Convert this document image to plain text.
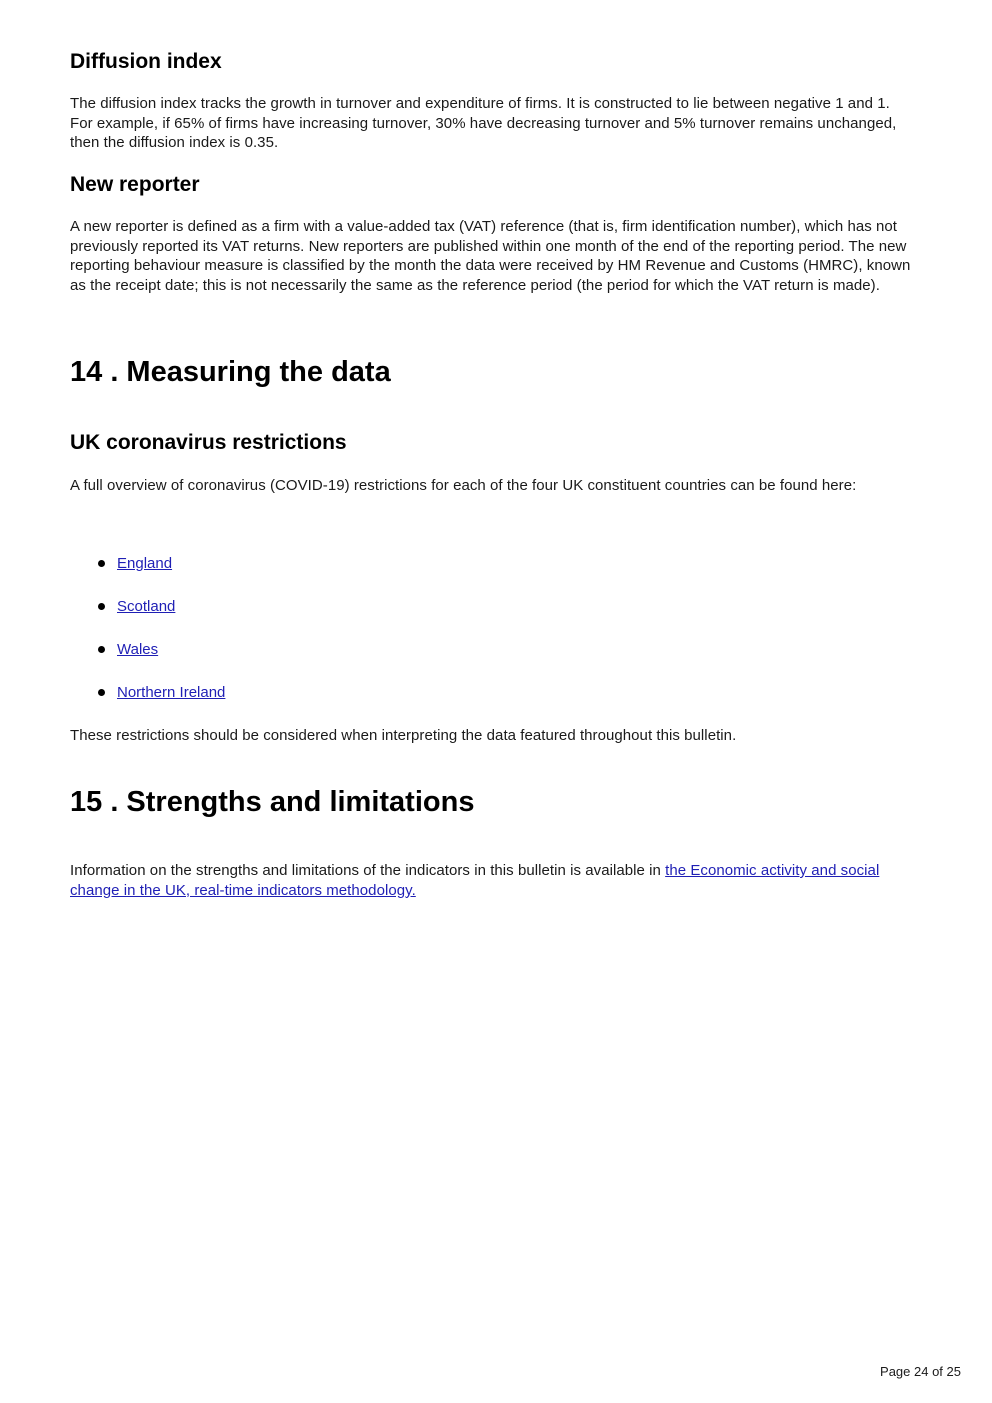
Diffusion index

The diffusion index tracks the growth in turnover and expenditure of firms. It is constructed to lie between negative 1 and 1. For example, if 65% of firms have increasing turnover, 30% have decreasing turnover and 5% turnover remains unchanged, then the diffusion index is 0.35.

New reporter

A new reporter is defined as a firm with a value-added tax (VAT) reference (that is, firm identification number), which has not previously reported its VAT returns. New reporters are published within one month of the end of the reporting period. The new reporting behaviour measure is classified by the month the data were received by HM Revenue and Customs (HMRC), known as the receipt date; this is not necessarily the same as the reference period (the period for which the VAT return is made).

14 . Measuring the data
UK coronavirus restrictions

A full overview of coronavirus (COVID-19) restrictions for each of the four UK constituent countries can be found here:

England
Scotland
Wales
Northern Ireland

These restrictions should be considered when interpreting the data featured throughout this bulletin.

15 . Strengths and limitations

Information on the strengths and limitations of the indicators in this bulletin is available in the Economic activity and social change in the UK, real-time indicators methodology.

Page 24 of 25
